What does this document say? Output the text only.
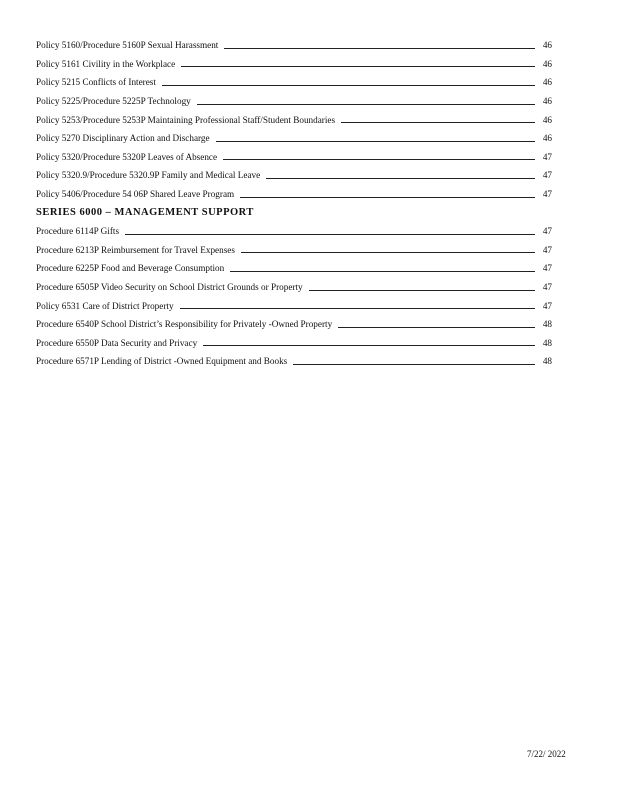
Policy 5160/Procedure 5160P Sexual Harassment	46
Policy 5161 Civility in the Workplace	46
Policy 5215 Conflicts of Interest	46
Policy 5225/Procedure 5225P Technology	46
Policy 5253/Procedure 5253P Maintaining Professional Staff/Student Boundaries	46
Policy 5270 Disciplinary Action and Discharge	46
Policy 5320/Procedure 5320P Leaves of Absence	47
Policy 5320.9/Procedure 5320.9P Family and Medical Leave	47
Policy 5406/Procedure 54 06P Shared Leave Program	47
SERIES 6000 – MANAGEMENT SUPPORT
Procedure 6114P Gifts	47
Procedure 6213P Reimbursement for Travel Expenses	47
Procedure 6225P Food and Beverage Consumption	47
Procedure 6505P Video Security on School District Grounds or Property	47
Policy 6531 Care of District Property	47
Procedure 6540P School District’s Responsibility for Privately -Owned Property	48
Procedure 6550P Data Security and Privacy	48
Procedure 6571P Lending of District -Owned Equipment and Books	48
7/22/ 2022
